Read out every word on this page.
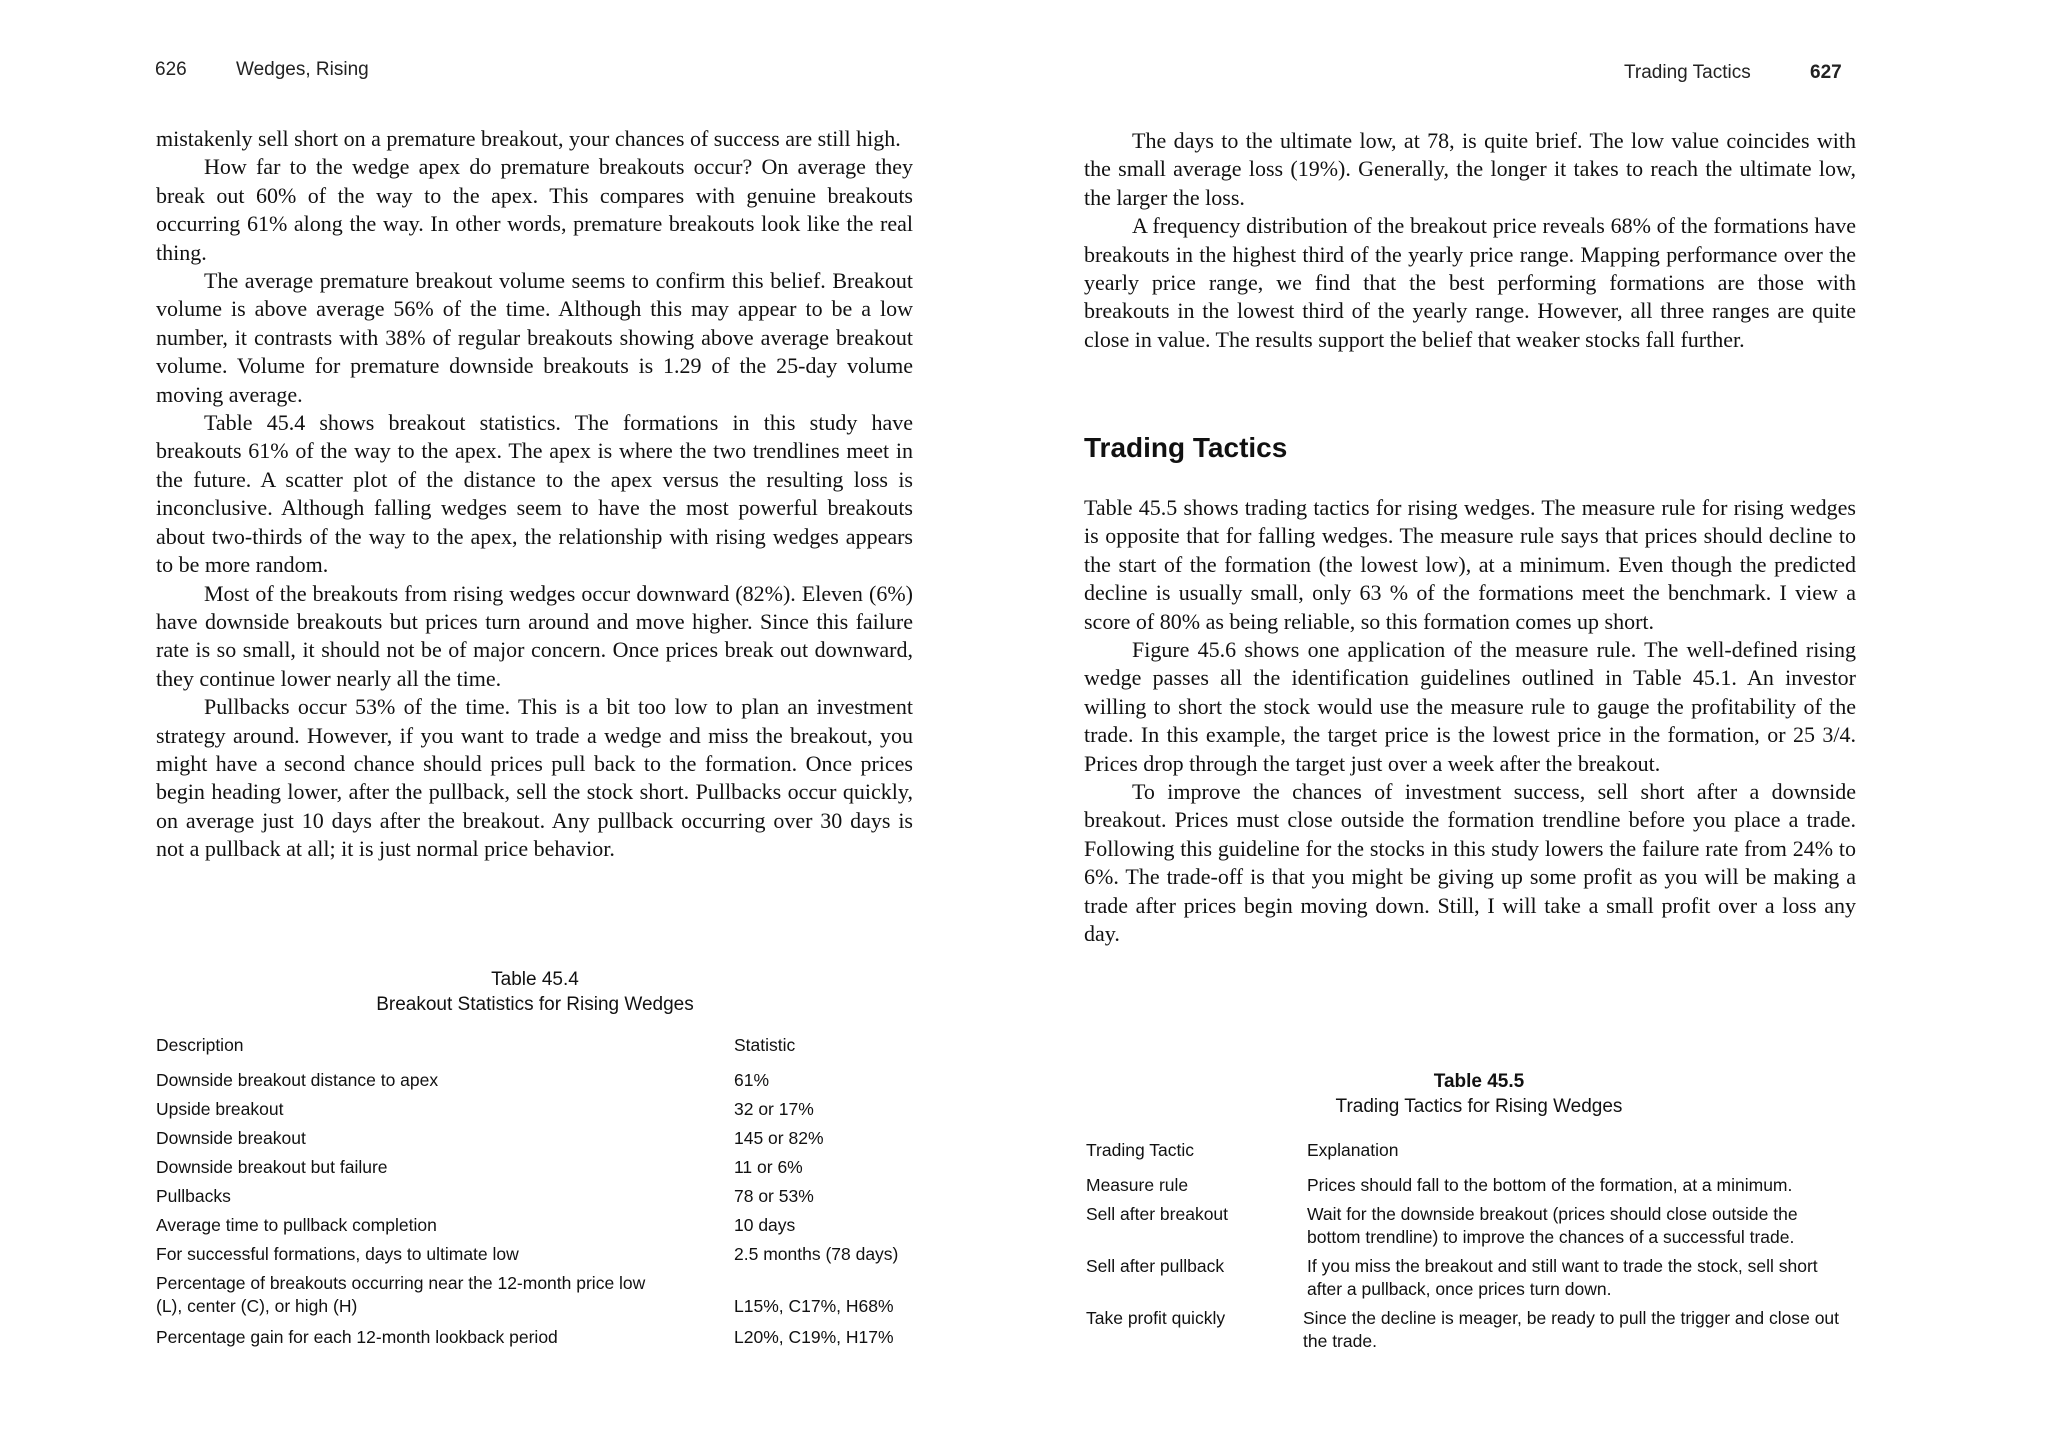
626	Wedges, Rising

mistakenly sell short on a premature breakout, your chances of success are still high.

How far to the wedge apex do premature breakouts occur? On average they break out 60% of the way to the apex. This compares with genuine breakouts occurring 61% along the way. In other words, premature breakouts look like the real thing.

The average premature breakout volume seems to confirm this belief. Breakout volume is above average 56% of the time. Although this may appear to be a low number, it contrasts with 38% of regular breakouts showing above average breakout volume. Volume for premature downside breakouts is 1.29 of the 25-day volume moving average.

Table 45.4 shows breakout statistics. The formations in this study have breakouts 61% of the way to the apex. The apex is where the two trendlines meet in the future. A scatter plot of the distance to the apex versus the resulting loss is inconclusive. Although falling wedges seem to have the most powerful breakouts about two-thirds of the way to the apex, the relationship with rising wedges appears to be more random.

Most of the breakouts from rising wedges occur downward (82%). Eleven (6%) have downside breakouts but prices turn around and move higher. Since this failure rate is so small, it should not be of major concern. Once prices break out downward, they continue lower nearly all the time.

Pullbacks occur 53% of the time. This is a bit too low to plan an investment strategy around. However, if you want to trade a wedge and miss the breakout, you might have a second chance should prices pull back to the formation. Once prices begin heading lower, after the pullback, sell the stock short. Pullbacks occur quickly, on average just 10 days after the breakout. Any pullback occurring over 30 days is not a pullback at all; it is just normal price behavior.

Table 45.4
Breakout Statistics for Rising Wedges
Description	Statistic
Downside breakout distance to apex	61%
Upside breakout	32 or 17%
Downside breakout	145 or 82%
Downside breakout but failure	11 or 6%
Pullbacks	78 or 53%
Average time to pullback completion	10 days
For successful formations, days to ultimate low	2.5 months (78 days)
Percentage of breakouts occurring near the 12-month price low (L), center (C), or high (H)	L15%, C17%, H68%
Percentage gain for each 12-month lookback period	L20%, C19%, H17%
Trading Tactics	627

The days to the ultimate low, at 78, is quite brief. The low value coincides with the small average loss (19%). Generally, the longer it takes to reach the ultimate low, the larger the loss.

A frequency distribution of the breakout price reveals 68% of the formations have breakouts in the highest third of the yearly price range. Mapping performance over the yearly price range, we find that the best performing formations are those with breakouts in the lowest third of the yearly range. However, all three ranges are quite close in value. The results support the belief that weaker stocks fall further.

Trading Tactics

Table 45.5 shows trading tactics for rising wedges. The measure rule for rising wedges is opposite that for falling wedges. The measure rule says that prices should decline to the start of the formation (the lowest low), at a minimum. Even though the predicted decline is usually small, only 63 % of the formations meet the benchmark. I view a score of 80% as being reliable, so this formation comes up short.

Figure 45.6 shows one application of the measure rule. The well-defined rising wedge passes all the identification guidelines outlined in Table 45.1. An investor willing to short the stock would use the measure rule to gauge the profitability of the trade. In this example, the target price is the lowest price in the formation, or 25 3/4. Prices drop through the target just over a week after the breakout.

To improve the chances of investment success, sell short after a downside breakout. Prices must close outside the formation trendline before you place a trade. Following this guideline for the stocks in this study lowers the failure rate from 24% to 6%. The trade-off is that you might be giving up some profit as you will be making a trade after prices begin moving down. Still, I will take a small profit over a loss any day.

Table 45.5
Trading Tactics for Rising Wedges
Trading Tactic	Explanation
Measure rule	Prices should fall to the bottom of the formation, at a minimum.
Sell after breakout	Wait for the downside breakout (prices should close outside the bottom trendline) to improve the chances of a successful trade.
Sell after pullback	If you miss the breakout and still want to trade the stock, sell short after a pullback, once prices turn down.
Take profit quickly	Since the decline is meager, be ready to pull the trigger and close out the trade.
